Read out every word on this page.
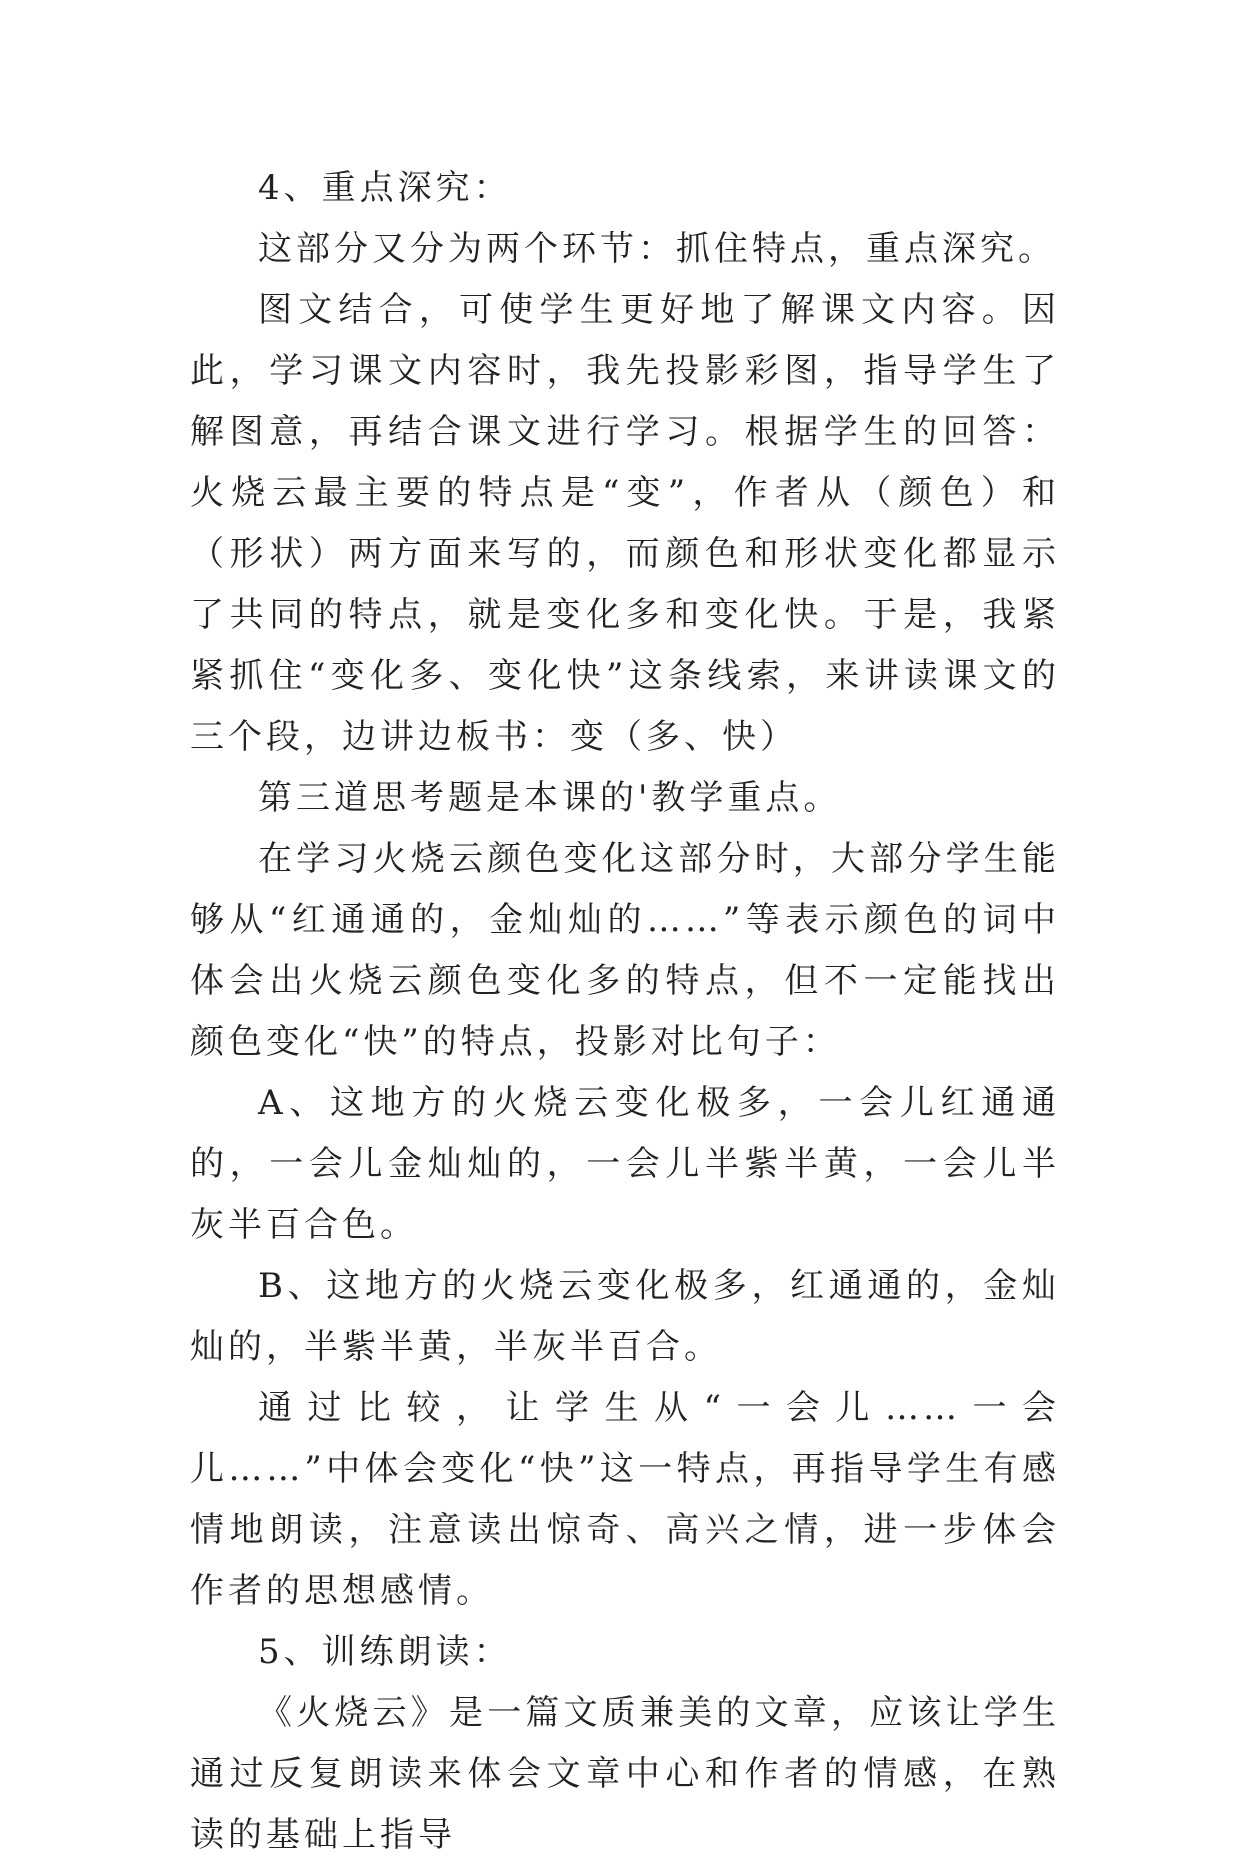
4、重点深究：

这部分又分为两个环节：抓住特点，重点深究。

图文结合，可使学生更好地了解课文内容。因此，学习课文内容时，我先投影彩图，指导学生了解图意，再结合课文进行学习。根据学生的回答：火烧云最主要的特点是“变”，作者从（颜色）和（形状）两方面来写的，而颜色和形状变化都显示了共同的特点，就是变化多和变化快。于是，我紧紧抓住“变化多、变化快”这条线索，来讲读课文的三个段，边讲边板书：变（多、快）

第三道思考题是本课的'教学重点。

在学习火烧云颜色变化这部分时，大部分学生能够从“红通通的，金灿灿的……”等表示颜色的词中体会出火烧云颜色变化多的特点，但不一定能找出颜色变化“快”的特点，投影对比句子：

A、这地方的火烧云变化极多，一会儿红通通的，一会儿金灿灿的，一会儿半紫半黄，一会儿半灰半百合色。

B、这地方的火烧云变化极多，红通通的，金灿灿的，半紫半黄，半灰半百合。

通过比较，让学生从“一会儿……一会儿……”中体会变化“快”这一特点，再指导学生有感情地朗读，注意读出惊奇、高兴之情，进一步体会作者的思想感情。

5、训练朗读：

《火烧云》是一篇文质兼美的文章，应该让学生通过反复朗读来体会文章中心和作者的情感，在熟读的基础上指导
